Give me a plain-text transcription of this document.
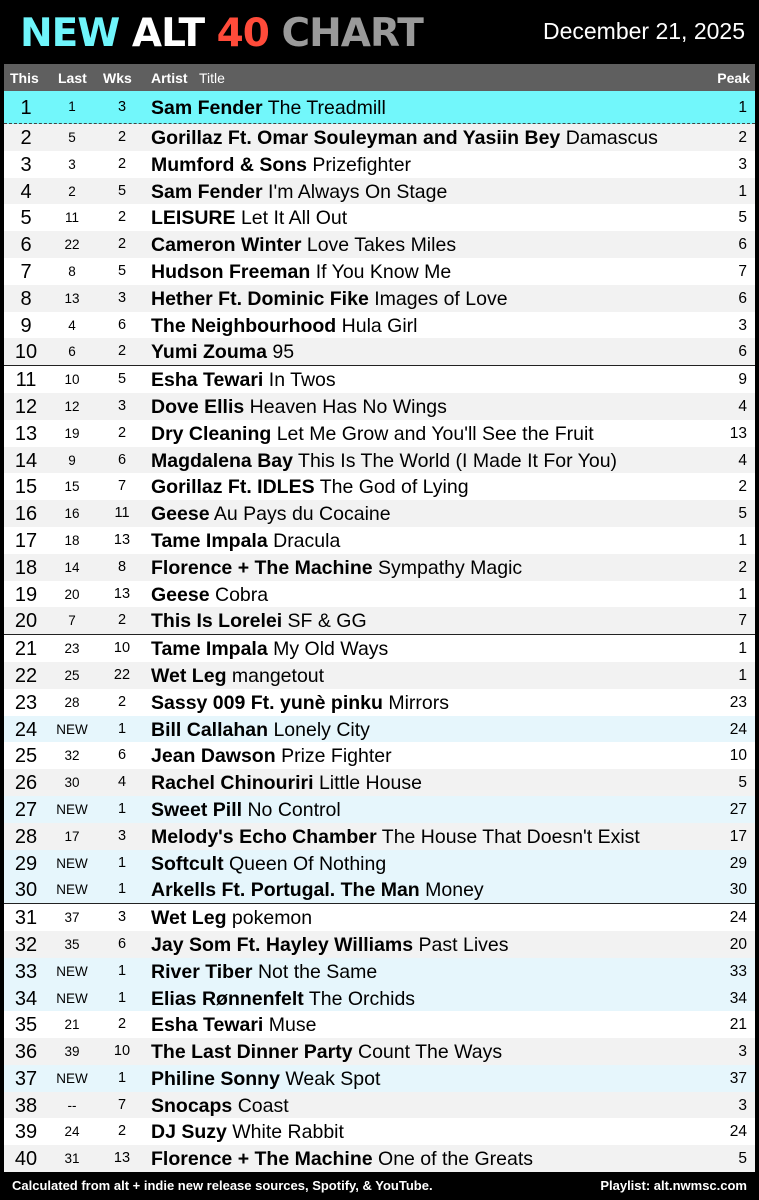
NEW ALT 40 CHART	December 21, 2025
This Last Wks Artist Title	Peak
1	1	3	Sam Fender The Treadmill	1
2	5	2	Gorillaz Ft. Omar Souleyman and Yasiin Bey Damascus	2
3	3	2	Mumford & Sons Prizefighter	3
4	2	5	Sam Fender I'm Always On Stage	1
5	11	2	LEISURE Let It All Out	5
6	22	2	Cameron Winter Love Takes Miles	6
7	8	5	Hudson Freeman If You Know Me	7
8	13	3	Hether Ft. Dominic Fike Images of Love	6
9	4	6	The Neighbourhood Hula Girl	3
10	6	2	Yumi Zouma 95	6
11	10	5	Esha Tewari In Twos	9
12	12	3	Dove Ellis Heaven Has No Wings	4
13	19	2	Dry Cleaning Let Me Grow and You'll See the Fruit	13
14	9	6	Magdalena Bay This Is The World (I Made It For You)	4
15	15	7	Gorillaz Ft. IDLES The God of Lying	2
16	16	11	Geese Au Pays du Cocaine	5
17	18	13	Tame Impala Dracula	1
18	14	8	Florence + The Machine Sympathy Magic	2
19	20	13	Geese Cobra	1
20	7	2	This Is Lorelei SF & GG	7
21	23	10	Tame Impala My Old Ways	1
22	25	22	Wet Leg mangetout	1
23	28	2	Sassy 009 Ft. yunè pinku Mirrors	23
24	NEW	1	Bill Callahan Lonely City	24
25	32	6	Jean Dawson Prize Fighter	10
26	30	4	Rachel Chinouriri Little House	5
27	NEW	1	Sweet Pill No Control	27
28	17	3	Melody's Echo Chamber The House That Doesn't Exist	17
29	NEW	1	Softcult Queen Of Nothing	29
30	NEW	1	Arkells Ft. Portugal. The Man Money	30
31	37	3	Wet Leg pokemon	24
32	35	6	Jay Som Ft. Hayley Williams Past Lives	20
33	NEW	1	River Tiber Not the Same	33
34	NEW	1	Elias Rønnenfelt The Orchids	34
35	21	2	Esha Tewari Muse	21
36	39	10	The Last Dinner Party Count The Ways	3
37	NEW	1	Philine Sonny Weak Spot	37
38	--	7	Snocaps Coast	3
39	24	2	DJ Suzy White Rabbit	24
40	31	13	Florence + The Machine One of the Greats	5
Calculated from alt + indie new release sources, Spotify, & YouTube.	Playlist: alt.nwmsc.com
